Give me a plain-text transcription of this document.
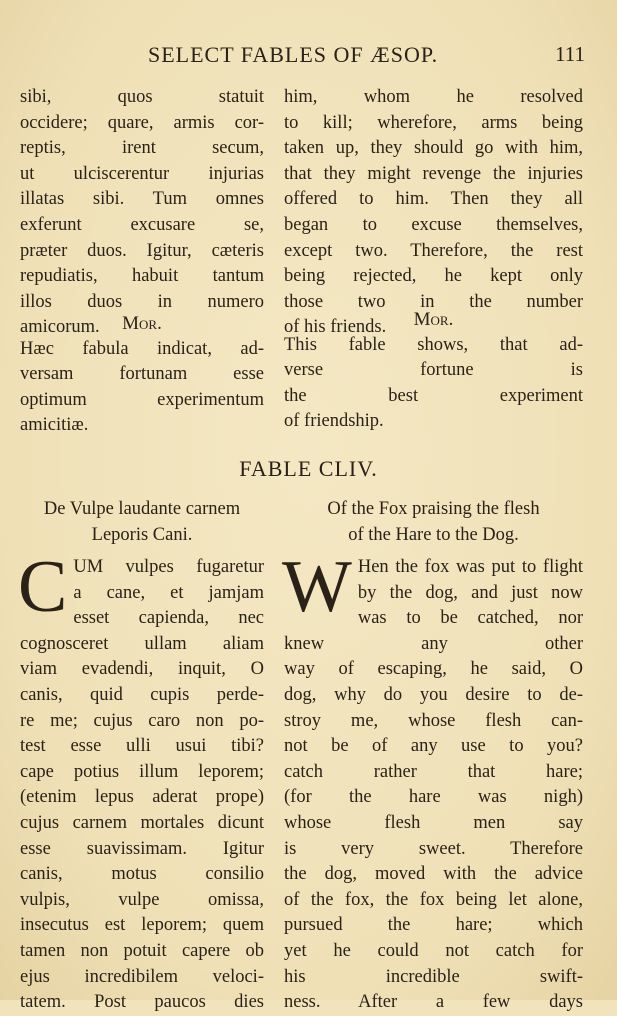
SELECT FABLES OF ÆSOP.	111

sibi, quos statuit

occidere; quare, armis cor-

reptis, irent secum,

ut ulciscerentur injurias

illatas sibi. Tum omnes

exferunt excusare se,

præter duos. Igitur, cæteris

repudiatis, habuit tantum

illos duos in numero

amicorum.

him, whom he resolved

to kill; wherefore, arms being

taken up, they should go with him,

that they might revenge the injuries

offered to him. Then they all

began to excuse themselves,

except two. Therefore, the rest

being rejected, he kept only

those two in the number

of his friends.

Mor.

Hæc fabula indicat, ad-

versam fortunam esse

optimum experimentum

amicitiæ.

Mor.

This fable shows, that ad-

verse fortune is

the best experiment

of friendship.

FABLE CLIV.

De Vulpe laudante carnem

Leporis Cani.

Of the Fox praising the flesh

of the Hare to the Dog.

C UM vulpes fugaretur

a cane, et jamjam

esset capienda, nec

cognosceret ullam aliam

viam evadendi, inquit, O

canis, quid cupis perde-

re me; cujus caro non po-

test esse ulli usui tibi?

cape potius illum leporem;

(etenim lepus aderat prope)

cujus carnem mortales dicunt

esse suavissimam. Igitur

canis, motus consilio

vulpis, vulpe omissa,

insecutus est leporem; quem

tamen non potuit capere ob

ejus incredibilem veloci-

tatem. Post paucos dies

W Hen the fox was put to flight

by the dog, and just now

was to be catched, nor

knew any other

way of escaping, he said, O

dog, why do you desire to de-

stroy me, whose flesh can-

not be of any use to you?

catch rather that hare;

(for the hare was nigh)

whose flesh men say

is very sweet. Therefore

the dog, moved with the advice

of the fox, the fox being let alone,

pursued the hare; which

yet he could not catch for

his incredible swift-

ness. After a few days
